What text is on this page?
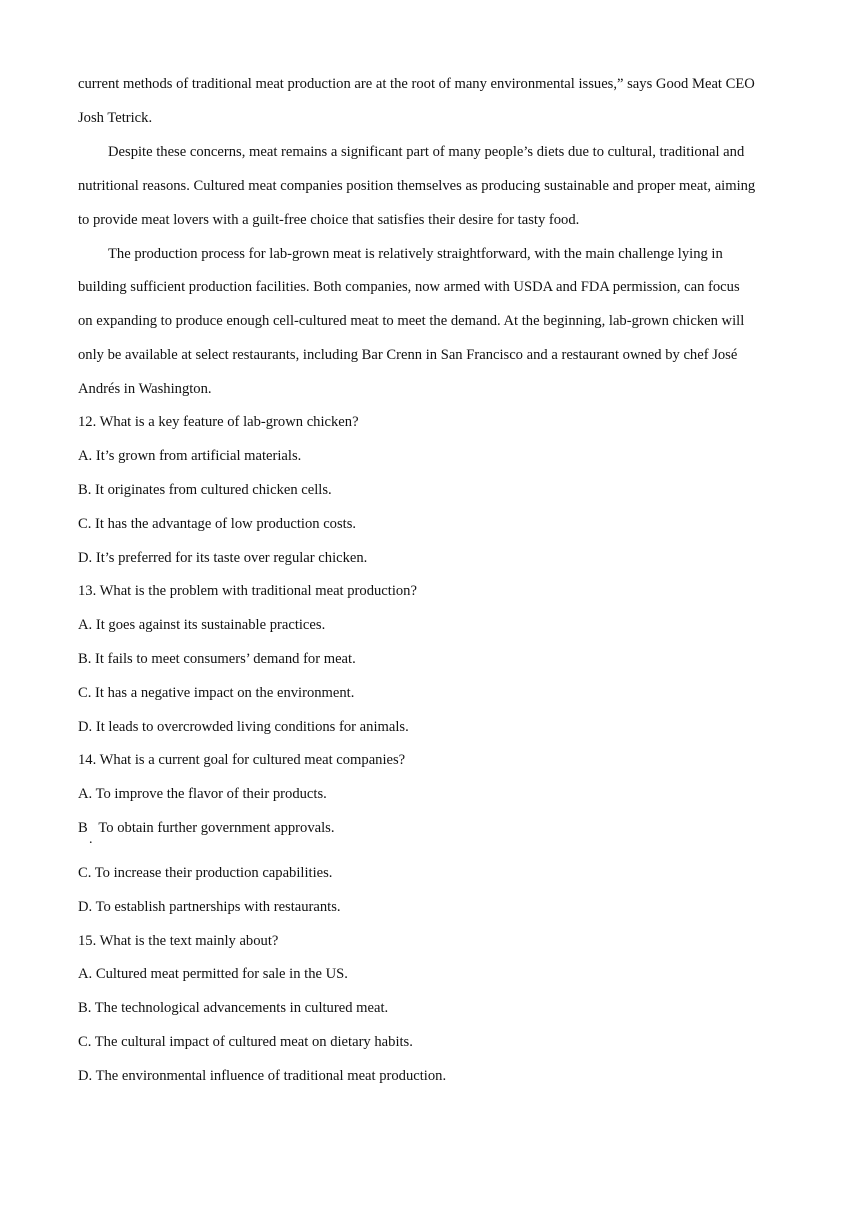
current methods of traditional meat production are at the root of many environmental issues,” says Good Meat CEO
Josh Tetrick.
Despite these concerns, meat remains a significant part of many people’s diets due to cultural, traditional and
nutritional reasons. Cultured meat companies position themselves as producing sustainable and proper meat, aiming
to provide meat lovers with a guilt-free choice that satisfies their desire for tasty food.
The production process for lab-grown meat is relatively straightforward, with the main challenge lying in
building sufficient production facilities. Both companies, now armed with USDA and FDA permission, can focus
on expanding to produce enough cell-cultured meat to meet the demand. At the beginning, lab-grown chicken will
only be available at select restaurants, including Bar Crenn in San Francisco and a restaurant owned by chef José
Andrés in Washington.
12. What is a key feature of lab-grown chicken?
A. It’s grown from artificial materials.
B. It originates from cultured chicken cells.
C. It has the advantage of low production costs.
D. It’s preferred for its taste over regular chicken.
13. What is the problem with traditional meat production?
A. It goes against its sustainable practices.
B. It fails to meet consumers’ demand for meat.
C. It has a negative impact on the environment.
D. It leads to overcrowded living conditions for animals.
14. What is a current goal for cultured meat companies?
A. To improve the flavor of their products.
B   To obtain further government approvals.
.
C. To increase their production capabilities.
D. To establish partnerships with restaurants.
15. What is the text mainly about?
A. Cultured meat permitted for sale in the US.
B. The technological advancements in cultured meat.
C. The cultural impact of cultured meat on dietary habits.
D. The environmental influence of traditional meat production.
